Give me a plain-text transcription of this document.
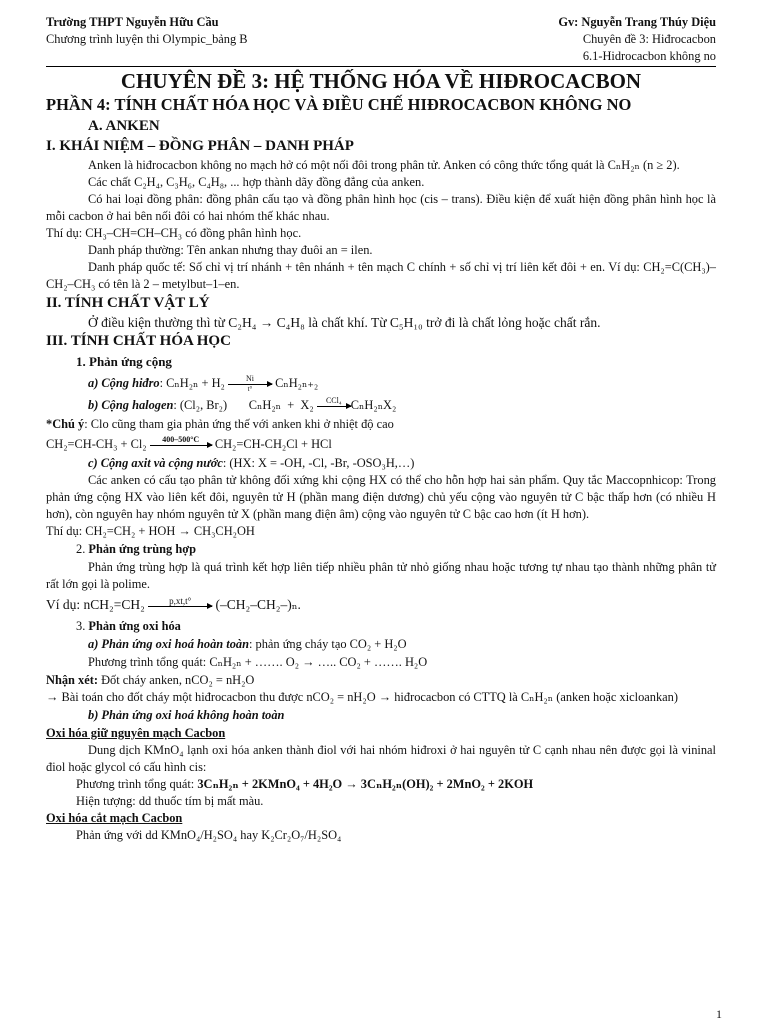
Trường THPT Nguyễn Hữu Cầu	Gv: Nguyễn Trang Thúy Diệu
Chương trình luyện thi Olympic_bảng B	Chuyên đề 3: Hiđrocacbon
6.1-Hidrocacbon không no
CHUYÊN ĐỀ 3: HỆ THỐNG HÓA VỀ HIĐROCACBON
PHẦN 4: TÍNH CHẤT HÓA HỌC VÀ ĐIỀU CHẾ HIĐROCACBON KHÔNG NO
A. ANKEN

I. KHÁI NIỆM – ĐỒNG PHÂN – DANH PHÁP

Anken là hiđrocacbon không no mạch hở có một nối đôi trong phân tử. Anken có công thức tổng quát là CₙH₂ₙ (n ≥ 2).

Các chất C₂H₄, C₃H₆, C₄H₈, ... hợp thành dãy đồng đẳng của anken.

Có hai loại đồng phân: đồng phân cấu tạo và đồng phân hình học (cis – trans). Điều kiện để xuất hiện đồng phân hình học là mỗi cacbon ở hai bên nối đôi có hai nhóm thế khác nhau.

Thí dụ: CH₃–CH=CH–CH₃ có đồng phân hình học.

Danh pháp thường: Tên ankan nhưng thay đuôi an = ilen.

Danh pháp quốc tế: Số chỉ vị trí nhánh + tên nhánh + tên mạch C chính + số chỉ vị trí liên kết đôi + en. Ví dụ: CH₂=C(CH₃)–CH₂–CH₃ có tên là 2 – metylbut–1–en.

II. TÍNH CHẤT VẬT LÝ

Ở điều kiện thường thì từ C₂H₄ → C₄H₈ là chất khí. Từ C₅H₁₀ trở đi là chất lỏng hoặc chất rắn.

III. TÍNH CHẤT HÓA HỌC

1. Phản ứng cộng

a) Cộng hiđro: $C_nH_{2n} + H_2 \frac{Ni}{t^\circ} C_nH_{2n+2}$

b) Cộng halogen: (Cl₂, Br₂)       CₙH₂ₙ  +  X₂	CCl₄
CₙH₂ₙX₂

*Chú ý: Clo cũng tham gia phản ứng thế với anken khi ở nhiệt độ cao

CH₂=CH-CH₃ + Cl₂	400–500°C
	CH₂=CH-CH₂Cl + HCl

c) Cộng axit và cộng nước: (HX: X = -OH, -Cl, -Br, -OSO₃H,…)

Các anken có cấu tạo phân tử không đối xứng khi cộng HX có thể cho hỗn hợp hai sản phẩm. Quy tắc Maccopnhicop: Trong phản ứng cộng HX vào liên kết đôi, nguyên tử H (phần mang điện dương) chủ yếu cộng vào nguyên tử C bậc thấp hơn (có nhiều H hơn), còn nguyên hay nhóm nguyên tử X (phần mang điện âm) cộng vào nguyên tử C bậc cao hơn (ít H hơn).

Thí dụ: CH₂=CH₂ + HOH → CH₃CH₂OH

2. Phản ứng trùng hợp

Phản ứng trùng hợp là quá trình kết hợp liên tiếp nhiều phân tử nhỏ giống nhau hoặc tương tự nhau tạo thành những phân tử rất lớn gọi là polime.

Ví dụ: nCH₂=CH₂	p,xt,t°
	(–CH₂–CH₂–)ₙ.

3. Phản ứng oxi hóa

a) Phản ứng oxi hoá hoàn toàn: phản ứng cháy tạo CO₂ + H₂O

Phương trình tổng quát: CₙH₂ₙ + ……. O₂ → ….. CO₂ + ……. H₂O

Nhận xét: Đốt cháy anken, nCO₂ = nH₂O

→ Bài toán cho đốt cháy một hiđrocacbon thu được nCO₂ = nH₂O → hiđrocacbon có CTTQ là CₙH₂ₙ (anken hoặc xicloankan)

b) Phản ứng oxi hoá không hoàn toàn

Oxi hóa giữ nguyên mạch Cacbon

Dung dịch KMnO₄ lạnh oxi hóa anken thành điol với hai nhóm hiđroxi ở hai nguyên tử C cạnh nhau nên được gọi là vininal điol hoặc glycol có cấu hình cis:

Phương trình tổng quát: 3CₙH₂ₙ + 2KMnO₄ + 4H₂O → 3CₙH₂ₙ(OH)₂ + 2MnO₂ + 2KOH

Hiện tượng: dd thuốc tím bị mất màu.

Oxi hóa cắt mạch Cacbon

Phản ứng với dd KMnO₄/H₂SO₄ hay K₂Cr₂O₇/H₂SO₄

1
